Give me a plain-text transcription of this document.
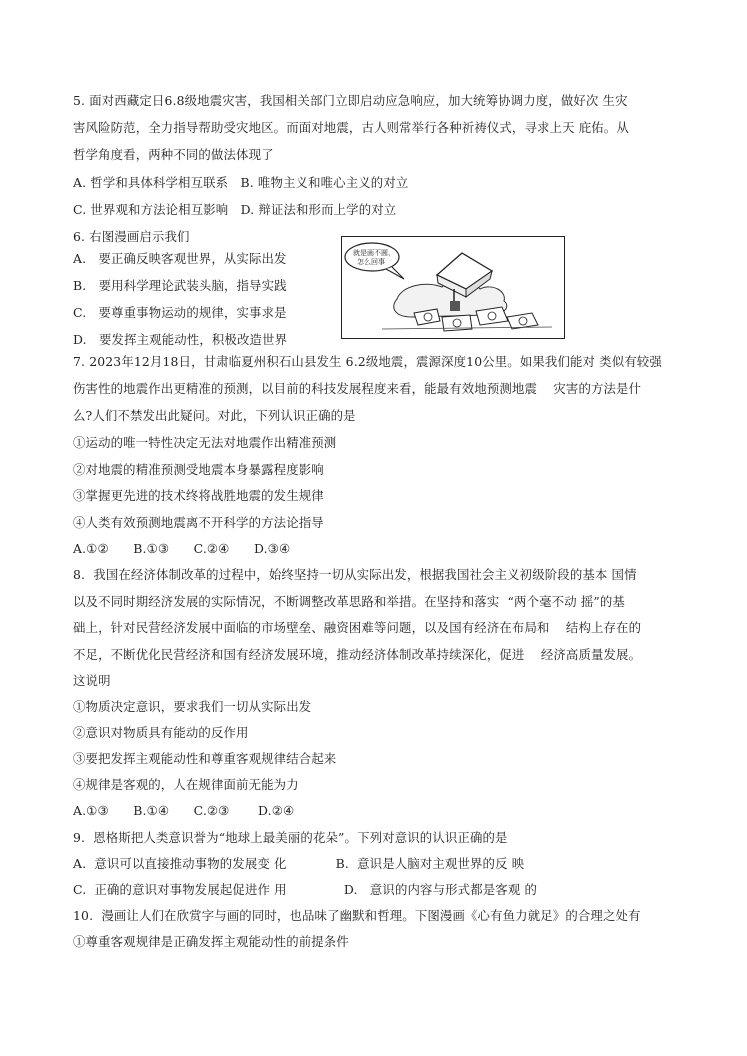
5. 面对西藏定日6.8级地震灾害，我国相关部门立即启动应急响应，加大统筹协调力度，做好次 生灾
害风险防范，全力指导帮助受灾地区。而面对地震，古人则常举行各种祈祷仪式，寻求上天 庇佑。从
哲学角度看，两种不同的做法体现了
A. 哲学和具体科学相互联系   B. 唯物主义和唯心主义的对立
C. 世界观和方法论相互影响   D. 辩证法和形而上学的对立
6. 右图漫画启示我们
A.   要正确反映客观世界，从实际出发
B.   要用科学理论武装头脑，指导实践
C.   要尊重事物运动的规律，实事求是
D.   要发挥主观能动性，积极改造世界
就是画不圆，
怎么回事
7. 2023年12月18日，甘肃临夏州积石山县发生 6.2级地震，震源深度10公里。如果我们能对 类似有较强
伤害性的地震作出更精准的预测，以目前的科技发展程度来看，能最有效地预测地震    灾害的方法是什
么?人们不禁发出此疑问。对此，下列认识正确的是
①运动的唯一特性决定无法对地震作出精准预测
②对地震的精准预测受地震本身暴露程度影响
③掌握更先进的技术终将战胜地震的发生规律
④人类有效预测地震离不开科学的方法论指导
A.①②      B.①③      C.②④      D.③④
8.  我国在经济体制改革的过程中，始终坚持一切从实际出发，根据我国社会主义初级阶段的基本 国情
以及不同时期经济发展的实际情况，不断调整改革思路和举措。在坚持和落实  “两个毫不动 摇”的基
础上，针对民营经济发展中面临的市场壁垒、融资困难等问题，以及国有经济在布局和    结构上存在的
不足，不断优化民营经济和国有经济发展环境，推动经济体制改革持续深化，促进    经济高质量发展。
这说明
①物质决定意识，要求我们一切从实际出发
②意识对物质具有能动的反作用
③要把发挥主观能动性和尊重客观规律结合起来
④规律是客观的，人在规律面前无能为力
A.①③      B.①④      C.②③       D.②④
9.  恩格斯把人类意识誉为“地球上最美丽的花朵”。下列对意识的认识正确的是
A.  意识可以直接推动事物的发展变 化            B.  意识是人脑对主观世界的反 映
C.  正确的意识对事物发展起促进作 用              D.   意识的内容与形式都是客观 的
10.  漫画让人们在欣赏字与画的同时，也品味了幽默和哲理。下图漫画《心有鱼力就足》的合理之处有
①尊重客观规律是正确发挥主观能动性的前提条件
